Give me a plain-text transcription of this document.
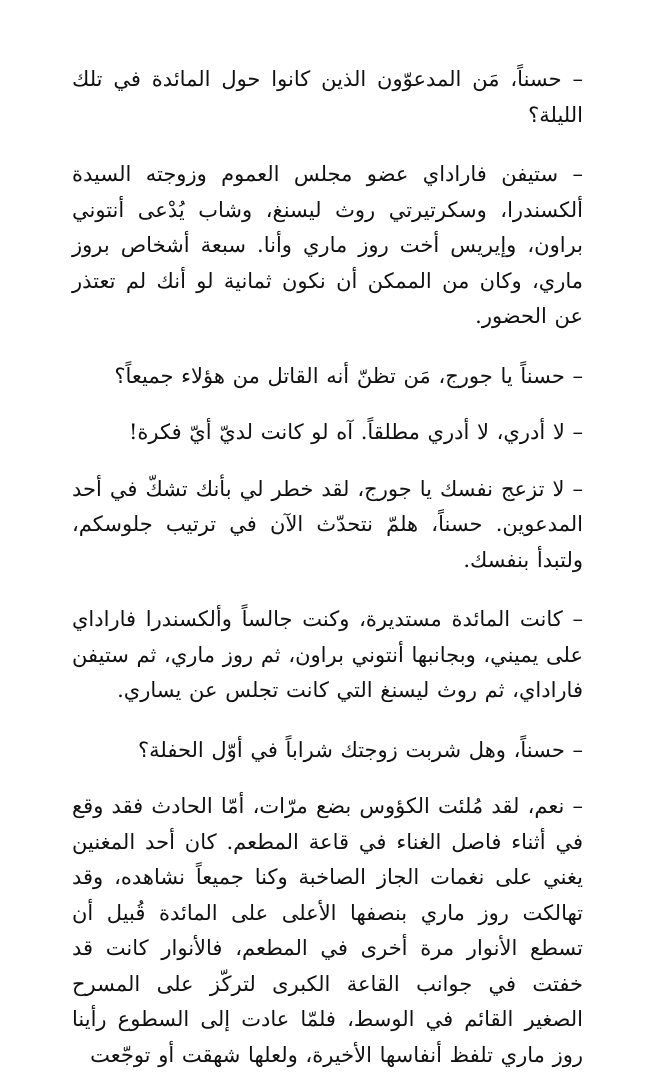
– حسناً، مَن المدعوّون الذين كانوا حول المائدة في تلك الليلة؟

– ستيفن فاراداي عضو مجلس العموم وزوجته السيدة ألكسندرا، وسكرتيرتي روث ليسنغ، وشاب يُدْعى أنتوني براون، وإيريس أخت روز ماري وأنا. سبعة أشخاص بروز ماري، وكان من الممكن أن نكون ثمانية لو أنك لم تعتذر عن الحضور.

– حسناً يا جورج، مَن تظنّ أنه القاتل من هؤلاء جميعاً؟

– لا أدري، لا أدري مطلقاً. آه لو كانت لديّ أيّ فكرة!

– لا تزعج نفسك يا جورج، لقد خطر لي بأنك تشكّ في أحد المدعوين. حسناً، هلمّ نتحدّث الآن في ترتيب جلوسكم، ولتبدأ بنفسك.

– كانت المائدة مستديرة، وكنت جالساً وألكسندرا فاراداي على يميني، وبجانبها أنتوني براون، ثم روز ماري، ثم ستيفن فاراداي، ثم روث ليسنغ التي كانت تجلس عن يساري.

– حسناً، وهل شربت زوجتك شراباً في أوّل الحفلة؟

– نعم، لقد مُلئت الكؤوس بضع مرّات، أمّا الحادث فقد وقع في أثناء فاصل الغناء في قاعة المطعم. كان أحد المغنين يغني على نغمات الجاز الصاخبة وكنا جميعاً نشاهده، وقد تهالكت روز ماري بنصفها الأعلى على المائدة قُبيل أن تسطع الأنوار مرة أخرى في المطعم، فالأنوار كانت قد خفتت في جوانب القاعة الكبرى لتركّز على المسرح الصغير القائم في الوسط، فلمّا عادت إلى السطوع رأينا روز ماري تلفظ أنفاسها الأخيرة، ولعلها شهقت أو توجّعت
